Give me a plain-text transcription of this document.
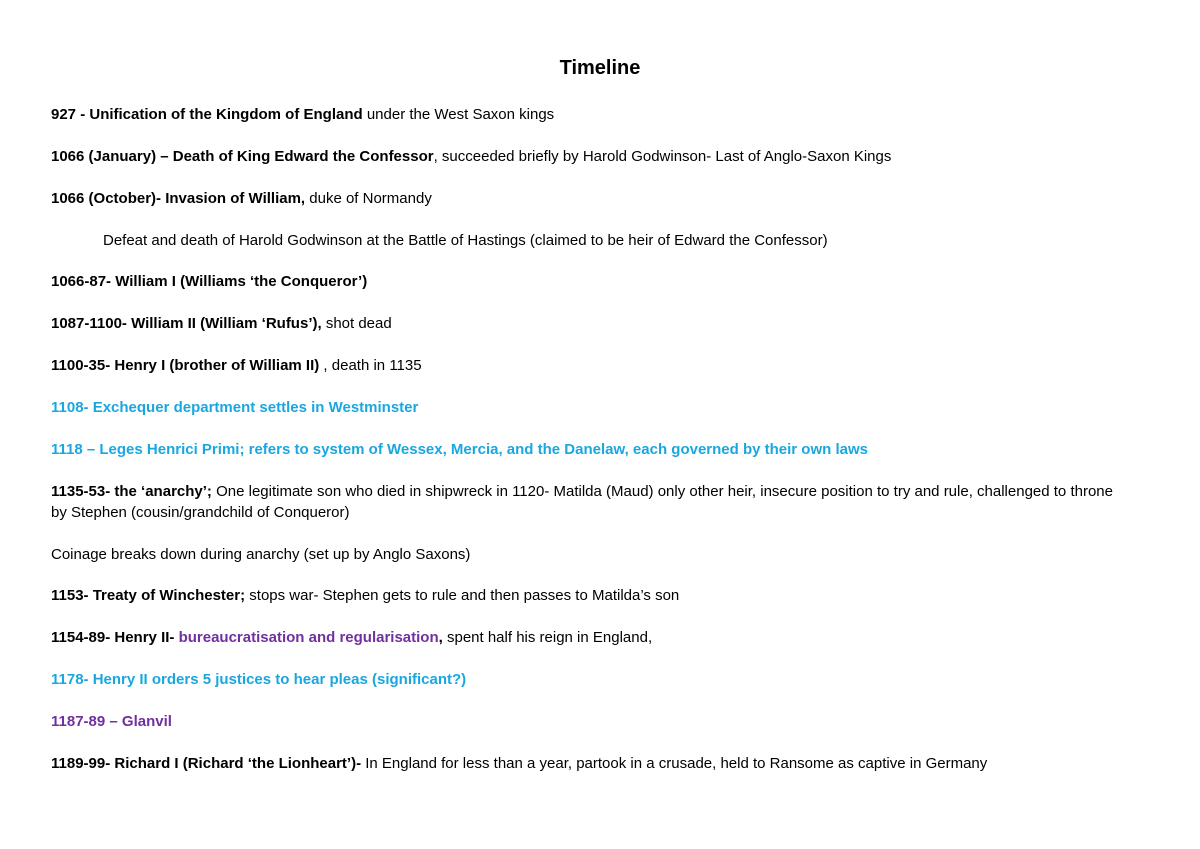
Timeline
927 - Unification of the Kingdom of England under the West Saxon kings
1066 (January) – Death of King Edward the Confessor, succeeded briefly by Harold Godwinson- Last of Anglo-Saxon Kings
1066 (October)- Invasion of William, duke of Normandy
Defeat and death of Harold Godwinson at the Battle of Hastings (claimed to be heir of Edward the Confessor)
1066-87- William I (Williams ‘the Conqueror’)
1087-1100- William II (William ‘Rufus’), shot dead
1100-35- Henry I (brother of William II) , death in 1135
1108- Exchequer department settles in Westminster
1118 – Leges Henrici Primi; refers to system of Wessex, Mercia, and the Danelaw, each governed by their own laws
1135-53- the ‘anarchy’; One legitimate son who died in shipwreck in 1120- Matilda (Maud) only other heir, insecure position to try and rule, challenged to throne by Stephen (cousin/grandchild of Conqueror)
Coinage breaks down during anarchy (set up by Anglo Saxons)
1153- Treaty of Winchester; stops war- Stephen gets to rule and then passes to Matilda’s son
1154-89- Henry II- bureaucratisation and regularisation, spent half his reign in England,
1178- Henry II orders 5 justices to hear pleas (significant?)
1187-89 – Glanvil
1189-99- Richard I (Richard ‘the Lionheart’)- In England for less than a year, partook in a crusade, held to Ransome as captive in Germany
